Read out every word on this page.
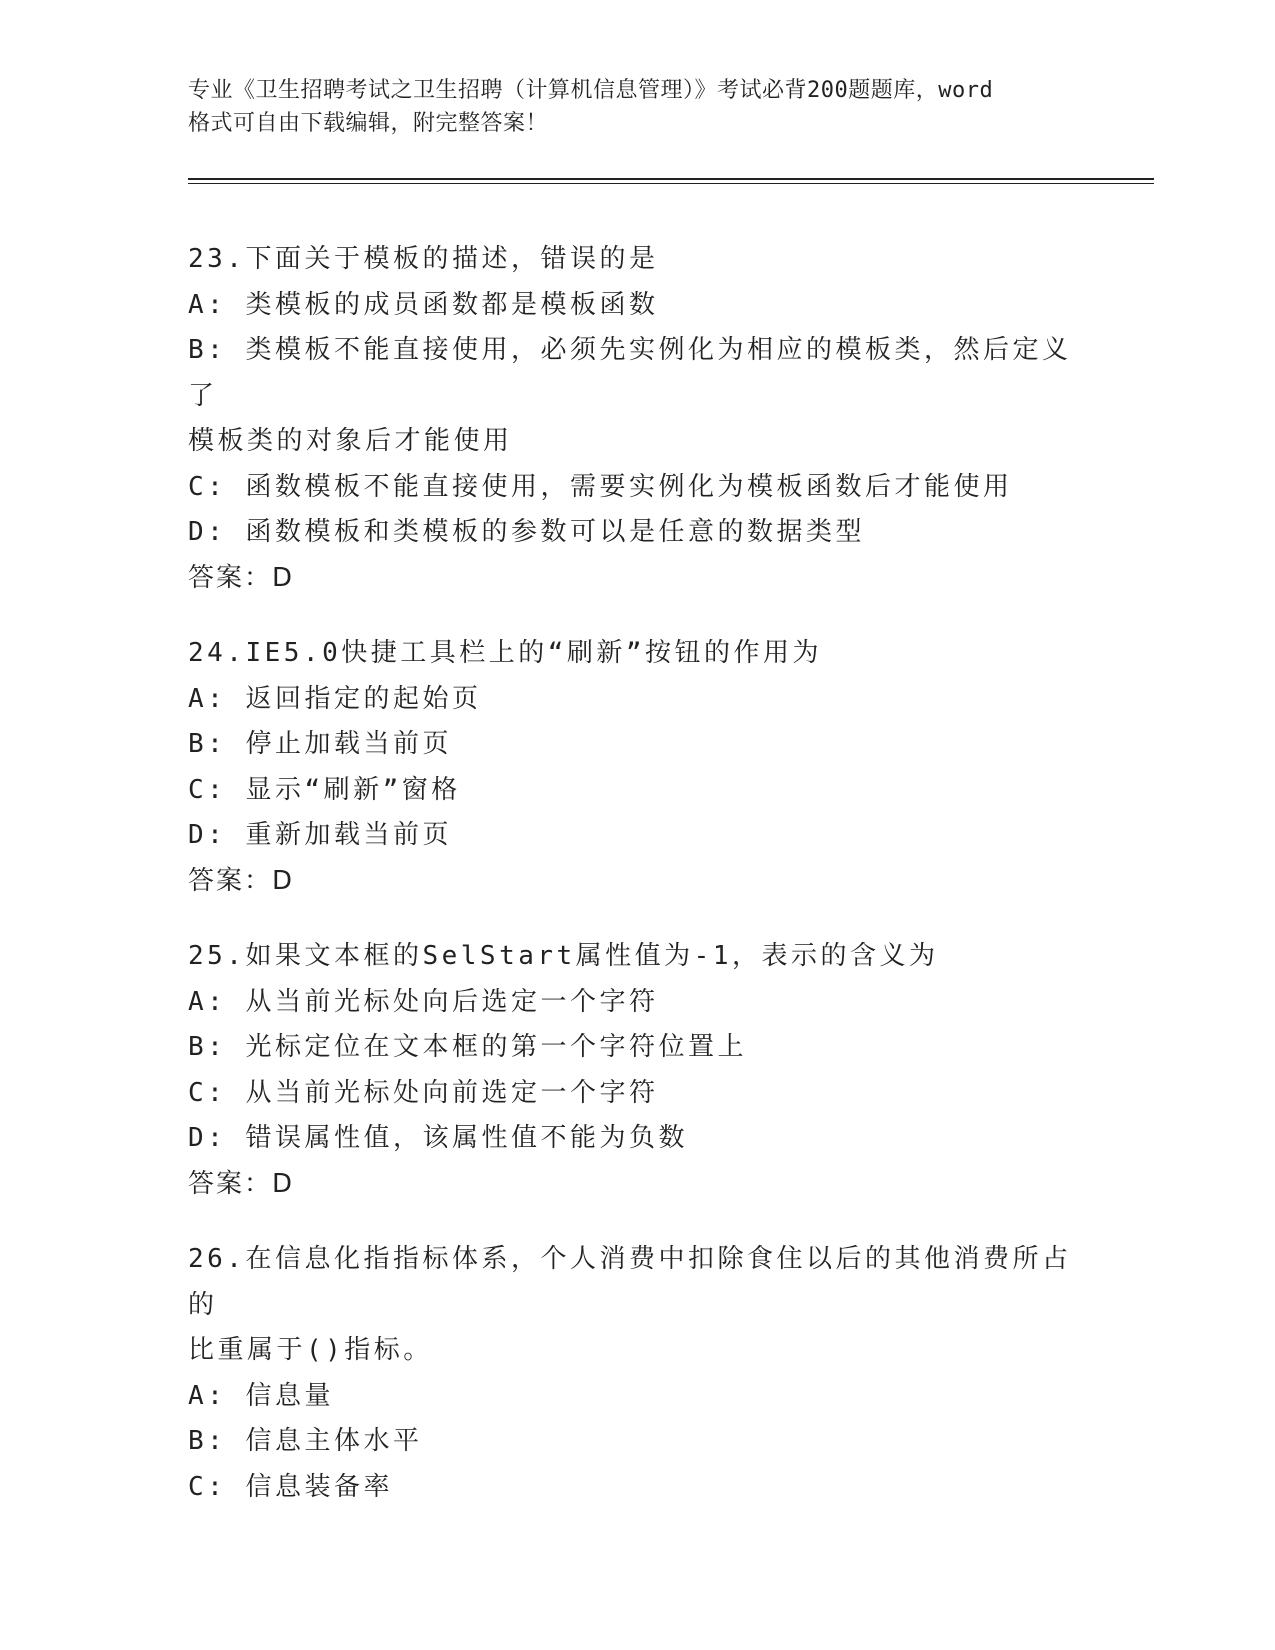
专业《卫生招聘考试之卫生招聘（计算机信息管理）》考试必背200题题库，word
格式可自由下载编辑，附完整答案！
23.下面关于模板的描述，错误的是
A: 类模板的成员函数都是模板函数
B: 类模板不能直接使用，必须先实例化为相应的模板类，然后定义了
模板类的对象后才能使用
C: 函数模板不能直接使用，需要实例化为模板函数后才能使用
D: 函数模板和类模板的参数可以是任意的数据类型
答案：D
24.IE5.0快捷工具栏上的“刷新”按钮的作用为
A: 返回指定的起始页
B: 停止加载当前页
C: 显示“刷新”窗格
D: 重新加载当前页
答案：D
25.如果文本框的SelStart属性值为-1，表示的含义为
A: 从当前光标处向后选定一个字符
B: 光标定位在文本框的第一个字符位置上
C: 从当前光标处向前选定一个字符
D: 错误属性值，该属性值不能为负数
答案：D
26.在信息化指指标体系，个人消费中扣除食住以后的其他消费所占的
比重属于()指标。
A: 信息量
B: 信息主体水平
C: 信息装备率
